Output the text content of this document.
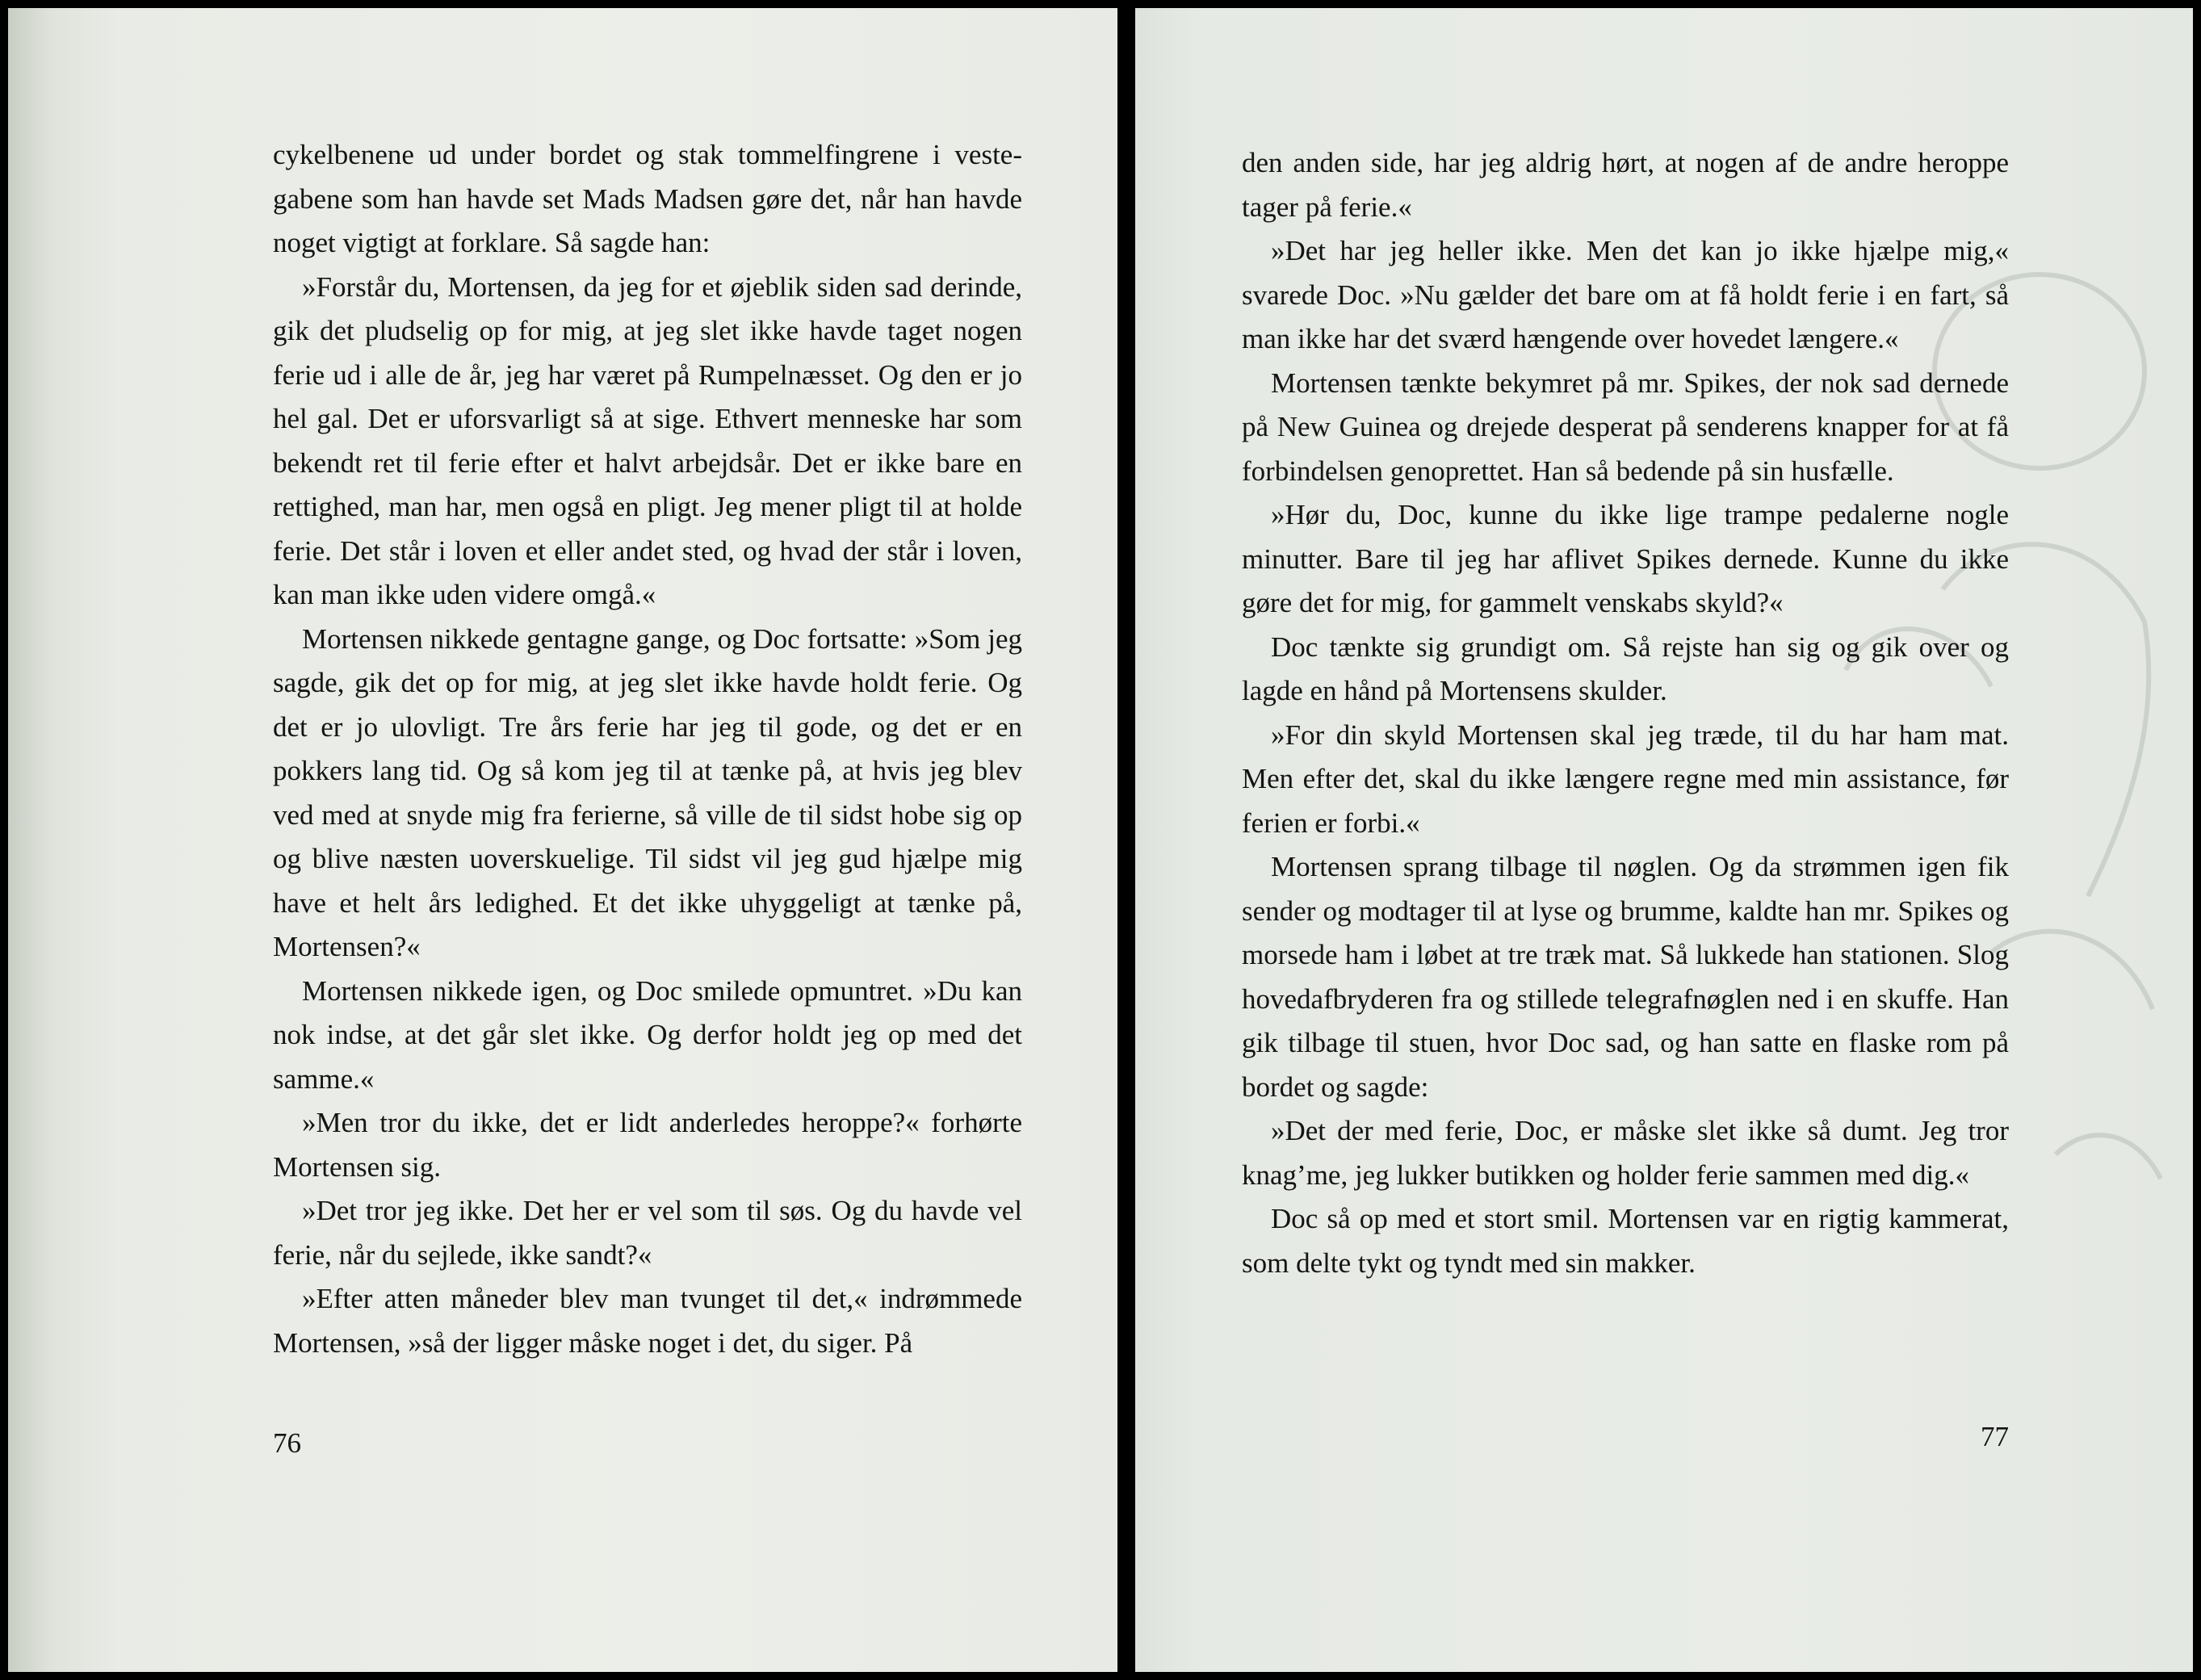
cykelbenene ud under bordet og stak tommelfingrene i vestegabene som han havde set Mads Madsen gøre det, når han havde noget vigtigt at forklare. Så sagde han:

»Forstår du, Mortensen, da jeg for et øjeblik siden sad derinde, gik det pludselig op for mig, at jeg slet ikke havde taget nogen ferie ud i alle de år, jeg har været på Rumpelnæsset. Og den er jo hel gal. Det er uforsvarligt så at sige. Ethvert menneske har som bekendt ret til ferie efter et halvt arbejdsår. Det er ikke bare en rettighed, man har, men også en pligt. Jeg mener pligt til at holde ferie. Det står i loven et eller andet sted, og hvad der står i loven, kan man ikke uden videre omgå.«

Mortensen nikkede gentagne gange, og Doc fortsatte: »Som jeg sagde, gik det op for mig, at jeg slet ikke havde holdt ferie. Og det er jo ulovligt. Tre års ferie har jeg til gode, og det er en pokkers lang tid. Og så kom jeg til at tænke på, at hvis jeg blev ved med at snyde mig fra ferierne, så ville de til sidst hobe sig op og blive næsten uoverskuelige. Til sidst vil jeg gud hjælpe mig have et helt års ledighed. Et det ikke uhyggeligt at tænke på, Mortensen?«

Mortensen nikkede igen, og Doc smilede opmuntret. »Du kan nok indse, at det går slet ikke. Og derfor holdt jeg op med det samme.«

»Men tror du ikke, det er lidt anderledes heroppe?« forhørte Mortensen sig.

»Det tror jeg ikke. Det her er vel som til søs. Og du havde vel ferie, når du sejlede, ikke sandt?«

»Efter atten måneder blev man tvunget til det,« indrømmede Mortensen, »så der ligger måske noget i det, du siger. På

76

den anden side, har jeg aldrig hørt, at nogen af de andre heroppe tager på ferie.«

»Det har jeg heller ikke. Men det kan jo ikke hjælpe mig,« svarede Doc. »Nu gælder det bare om at få holdt ferie i en fart, så man ikke har det sværd hængende over hovedet længere.«

Mortensen tænkte bekymret på mr. Spikes, der nok sad dernede på New Guinea og drejede desperat på senderens knapper for at få forbindelsen genoprettet. Han så bedende på sin husfælle.

»Hør du, Doc, kunne du ikke lige trampe pedalerne nogle minutter. Bare til jeg har aflivet Spikes dernede. Kunne du ikke gøre det for mig, for gammelt venskabs skyld?«

Doc tænkte sig grundigt om. Så rejste han sig og gik over og lagde en hånd på Mortensens skulder.

»For din skyld Mortensen skal jeg træde, til du har ham mat. Men efter det, skal du ikke længere regne med min assistance, før ferien er forbi.«

Mortensen sprang tilbage til nøglen. Og da strømmen igen fik sender og modtager til at lyse og brumme, kaldte han mr. Spikes og morsede ham i løbet at tre træk mat. Så lukkede han stationen. Slog hovedafbryderen fra og stillede telegrafnøglen ned i en skuffe. Han gik tilbage til stuen, hvor Doc sad, og han satte en flaske rom på bordet og sagde:

»Det der med ferie, Doc, er måske slet ikke så dumt. Jeg tror knag’me, jeg lukker butikken og holder ferie sammen med dig.«

Doc så op med et stort smil. Mortensen var en rigtig kammerat, som delte tykt og tyndt med sin makker.

77
